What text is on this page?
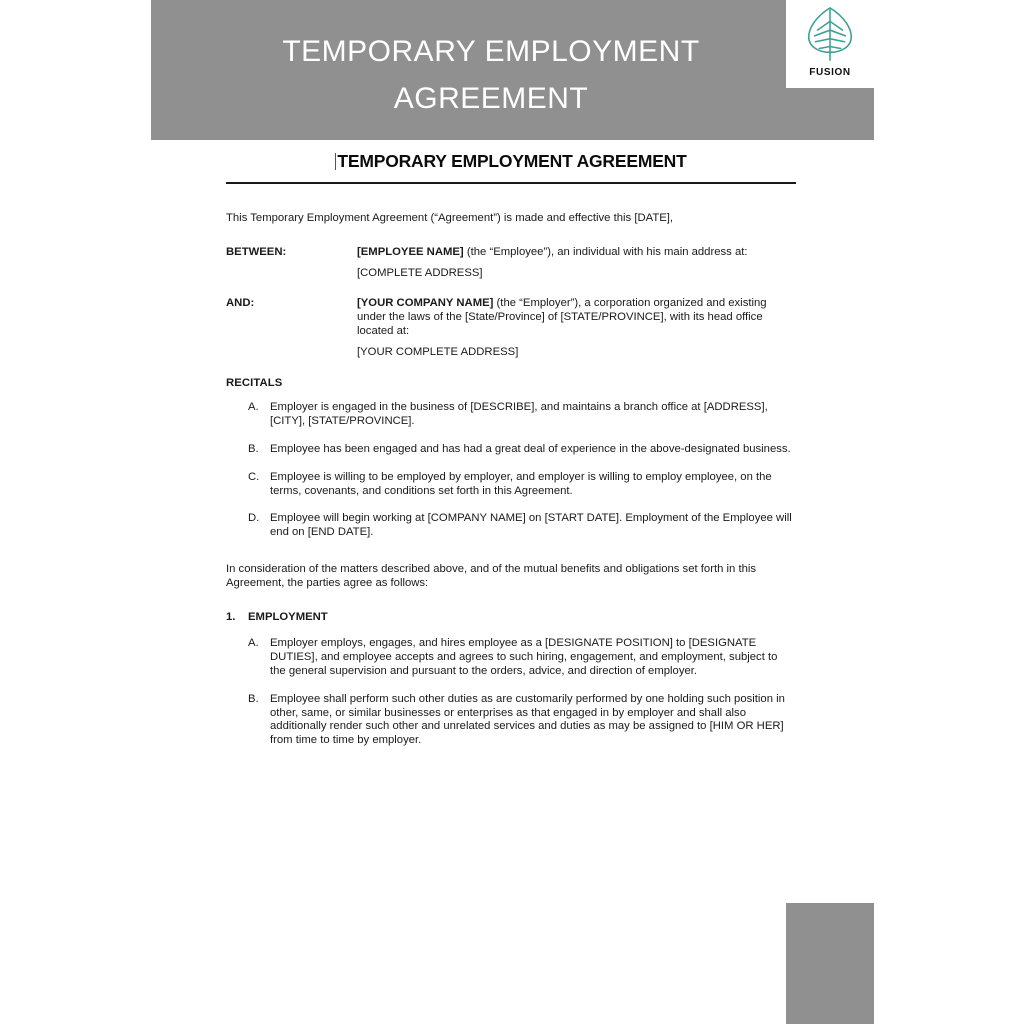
TEMPORARY EMPLOYMENT AGREEMENT
FUSION
TEMPORARY EMPLOYMENT AGREEMENT

This Temporary Employment Agreement (“Agreement”) is made and effective this [DATE],

BETWEEN:	[EMPLOYEE NAME] (the “Employee”), an individual with his main address at:
[COMPLETE ADDRESS]
AND:	[YOUR COMPANY NAME] (the “Employer”), a corporation organized and existing under the laws of the [State/Province] of [STATE/PROVINCE], with its head office located at:
[YOUR COMPLETE ADDRESS]
RECITALS
A.	Employer is engaged in the business of [DESCRIBE], and maintains a branch office at [ADDRESS], [CITY], [STATE/PROVINCE].
B.	Employee has been engaged and has had a great deal of experience in the above-designated business.
C. Employee is willing to be employed by employer, and employer is willing to employ employee, on the terms, covenants, and conditions set forth in this Agreement.
D. Employee will begin working at [COMPANY NAME] on [START DATE]. Employment of the Employee will end on [END DATE].

In consideration of the matters described above, and of the mutual benefits and obligations set forth in this Agreement, the parties agree as follows:

1.	EMPLOYMENT
A.	Employer employs, engages, and hires employee as a [DESIGNATE POSITION] to [DESIGNATE DUTIES], and employee accepts and agrees to such hiring, engagement, and employment, subject to the general supervision and pursuant to the orders, advice, and direction of employer.
B.	Employee shall perform such other duties as are customarily performed by one holding such position in other, same, or similar businesses or enterprises as that engaged in by employer and shall also additionally render such other and unrelated services and duties as may be assigned to [HIM OR HER] from time to time by employer.
